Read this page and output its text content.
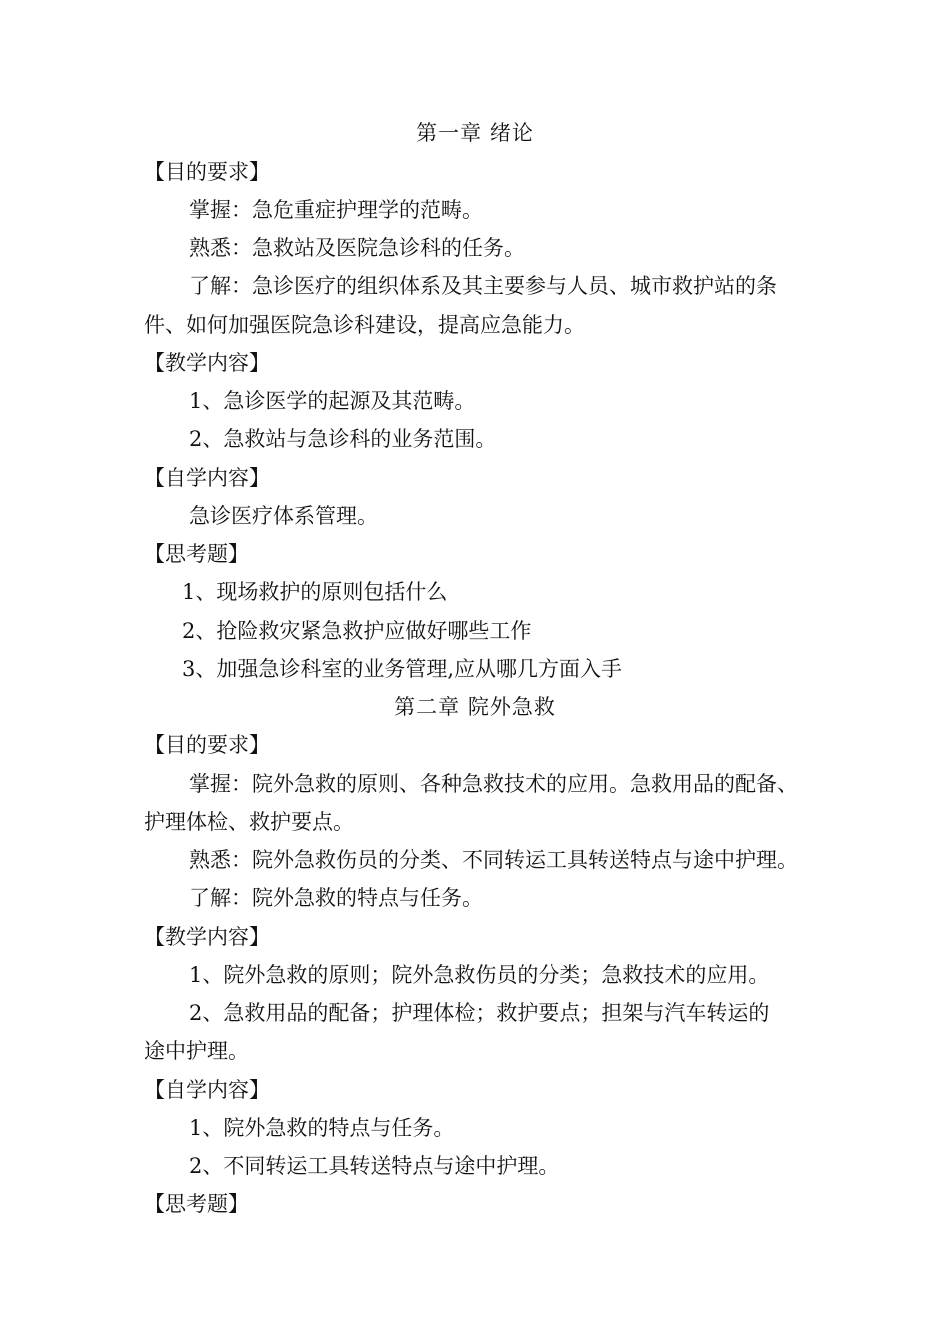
第一章 绪论
【目的要求】
掌握：急危重症护理学的范畴。
熟悉：急救站及医院急诊科的任务。
了解：急诊医疗的组织体系及其主要参与人员、城市救护站的条
件、如何加强医院急诊科建设，提高应急能力。
【教学内容】
1、急诊医学的起源及其范畴。
2、急救站与急诊科的业务范围。
【自学内容】
急诊医疗体系管理。
【思考题】
1、现场救护的原则包括什么
2、抢险救灾紧急救护应做好哪些工作
3、加强急诊科室的业务管理,应从哪几方面入手
第二章 院外急救
【目的要求】
掌握：院外急救的原则、各种急救技术的应用。急救用品的配备、
护理体检、救护要点。
熟悉：院外急救伤员的分类、不同转运工具转送特点与途中护理。
了解：院外急救的特点与任务。
【教学内容】
1、院外急救的原则；院外急救伤员的分类；急救技术的应用。
2、急救用品的配备；护理体检；救护要点；担架与汽车转运的
途中护理。
【自学内容】
1、院外急救的特点与任务。
2、不同转运工具转送特点与途中护理。
【思考题】
